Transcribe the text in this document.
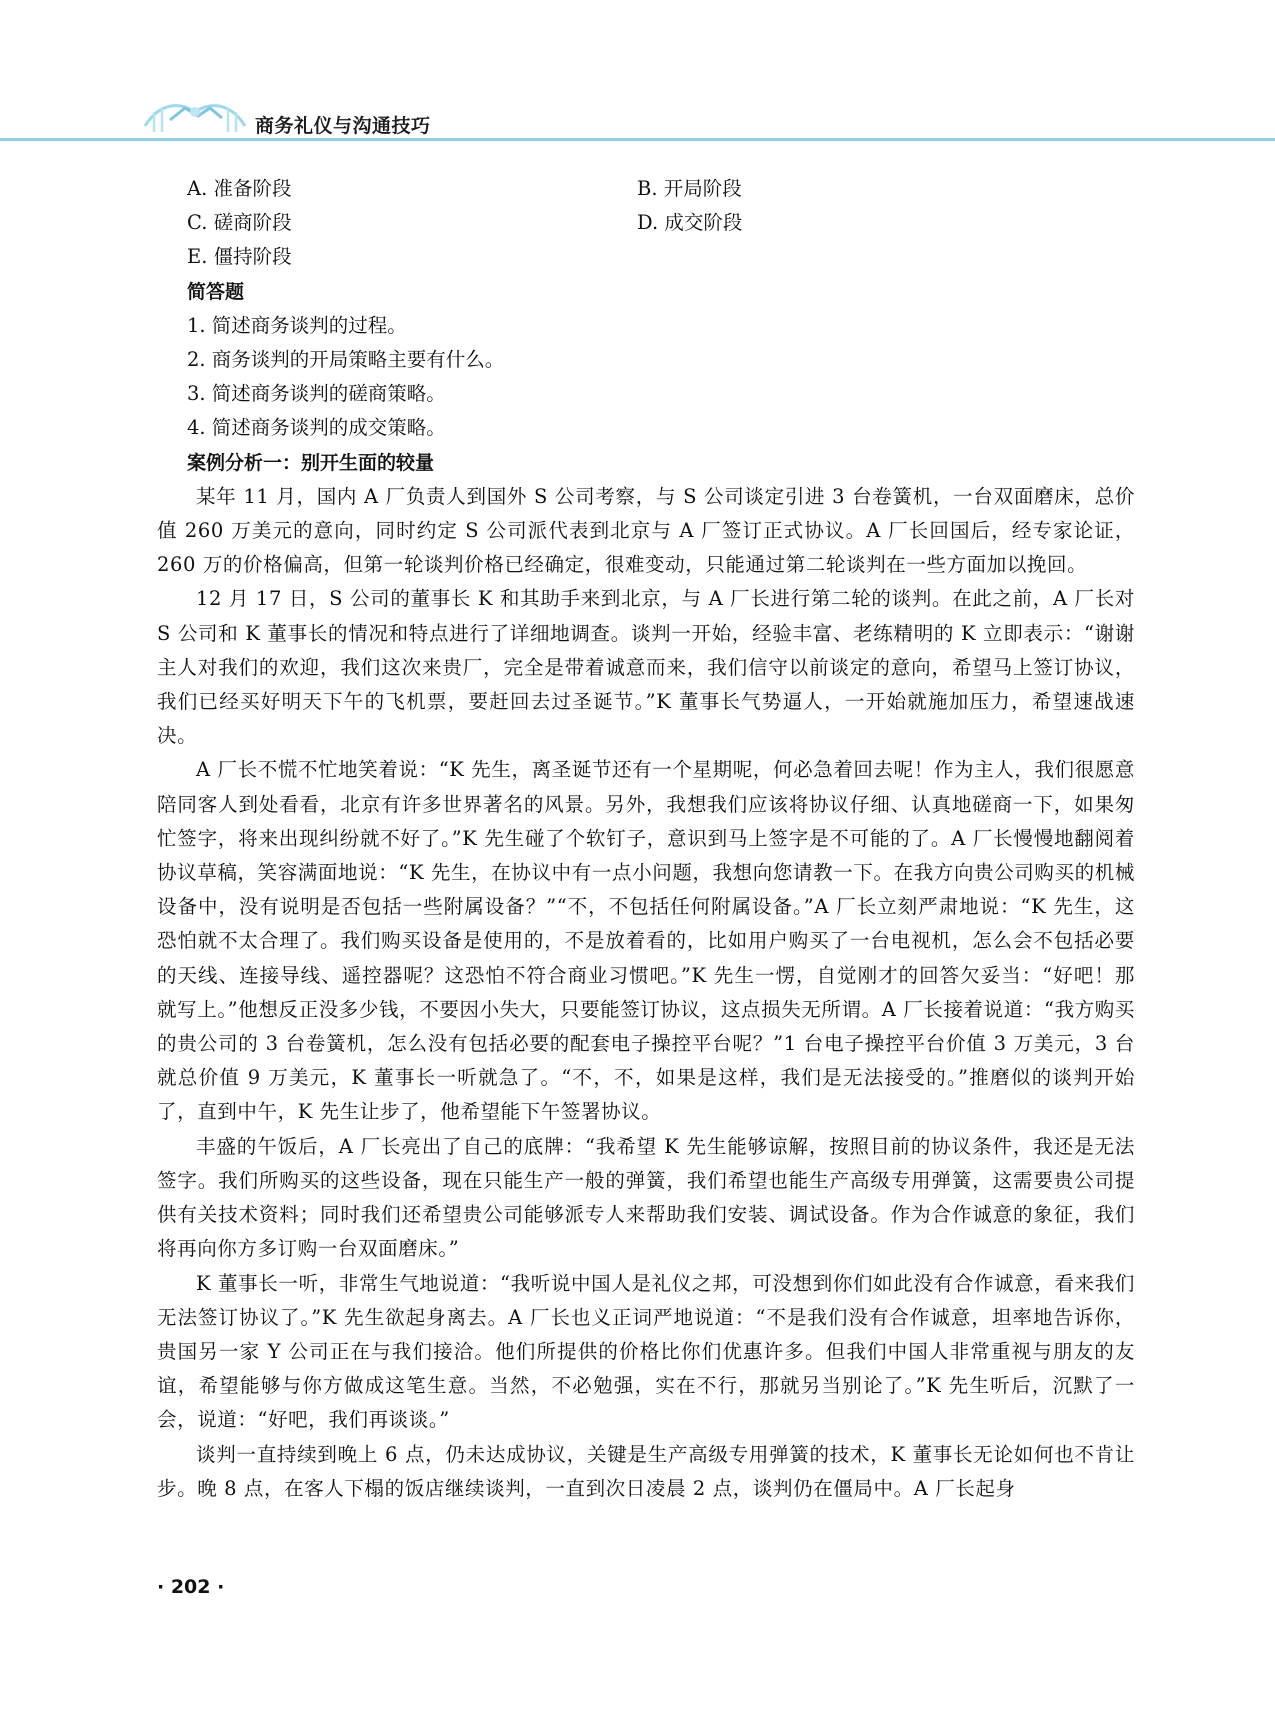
商务礼仪与沟通技巧
A. 准备阶段	B. 开局阶段
C. 磋商阶段	D. 成交阶段
E. 僵持阶段
简答题
1. 简述商务谈判的过程。
2. 商务谈判的开局策略主要有什么。
3. 简述商务谈判的磋商策略。
4. 简述商务谈判的成交策略。
案例分析一：别开生面的较量

某年 11 月，国内 A 厂负责人到国外 S 公司考察，与 S 公司谈定引进 3 台卷簧机，一台双面磨床，总价值 260 万美元的意向，同时约定 S 公司派代表到北京与 A 厂签订正式协议。A 厂长回国后，经专家论证，260 万的价格偏高，但第一轮谈判价格已经确定，很难变动，只能通过第二轮谈判在一些方面加以挽回。

12 月 17 日，S 公司的董事长 K 和其助手来到北京，与 A 厂长进行第二轮的谈判。在此之前，A 厂长对 S 公司和 K 董事长的情况和特点进行了详细地调查。谈判一开始，经验丰富、老练精明的 K 立即表示：“谢谢主人对我们的欢迎，我们这次来贵厂，完全是带着诚意而来，我们信守以前谈定的意向，希望马上签订协议，我们已经买好明天下午的飞机票，要赶回去过圣诞节。”K 董事长气势逼人，一开始就施加压力，希望速战速决。

A 厂长不慌不忙地笑着说：“K 先生，离圣诞节还有一个星期呢，何必急着回去呢！作为主人，我们很愿意陪同客人到处看看，北京有许多世界著名的风景。另外，我想我们应该将协议仔细、认真地磋商一下，如果匆忙签字，将来出现纠纷就不好了。”K 先生碰了个软钉子，意识到马上签字是不可能的了。A 厂长慢慢地翻阅着协议草稿，笑容满面地说：“K 先生，在协议中有一点小问题，我想向您请教一下。在我方向贵公司购买的机械设备中，没有说明是否包括一些附属设备？”“不，不包括任何附属设备。”A 厂长立刻严肃地说：“K 先生，这恐怕就不太合理了。我们购买设备是使用的，不是放着看的，比如用户购买了一台电视机，怎么会不包括必要的天线、连接导线、遥控器呢？这恐怕不符合商业习惯吧。”K 先生一愣，自觉刚才的回答欠妥当：“好吧！那就写上。”他想反正没多少钱，不要因小失大，只要能签订协议，这点损失无所谓。A 厂长接着说道：“我方购买的贵公司的 3 台卷簧机，怎么没有包括必要的配套电子操控平台呢？”1 台电子操控平台价值 3 万美元，3 台就总价值 9 万美元，K 董事长一听就急了。“不，不，如果是这样，我们是无法接受的。”推磨似的谈判开始了，直到中午，K 先生让步了，他希望能下午签署协议。

丰盛的午饭后，A 厂长亮出了自己的底牌：“我希望 K 先生能够谅解，按照目前的协议条件，我还是无法签字。我们所购买的这些设备，现在只能生产一般的弹簧，我们希望也能生产高级专用弹簧，这需要贵公司提供有关技术资料；同时我们还希望贵公司能够派专人来帮助我们安装、调试设备。作为合作诚意的象征，我们将再向你方多订购一台双面磨床。”

K 董事长一听，非常生气地说道：“我听说中国人是礼仪之邦，可没想到你们如此没有合作诚意，看来我们无法签订协议了。”K 先生欲起身离去。A 厂长也义正词严地说道：“不是我们没有合作诚意，坦率地告诉你，贵国另一家 Y 公司正在与我们接洽。他们所提供的价格比你们优惠许多。但我们中国人非常重视与朋友的友谊，希望能够与你方做成这笔生意。当然，不必勉强，实在不行，那就另当别论了。”K 先生听后，沉默了一会，说道：“好吧，我们再谈谈。”

谈判一直持续到晚上 6 点，仍未达成协议，关键是生产高级专用弹簧的技术，K 董事长无论如何也不肯让步。晚 8 点，在客人下榻的饭店继续谈判，一直到次日凌晨 2 点，谈判仍在僵局中。A 厂长起身

· 202 ·
